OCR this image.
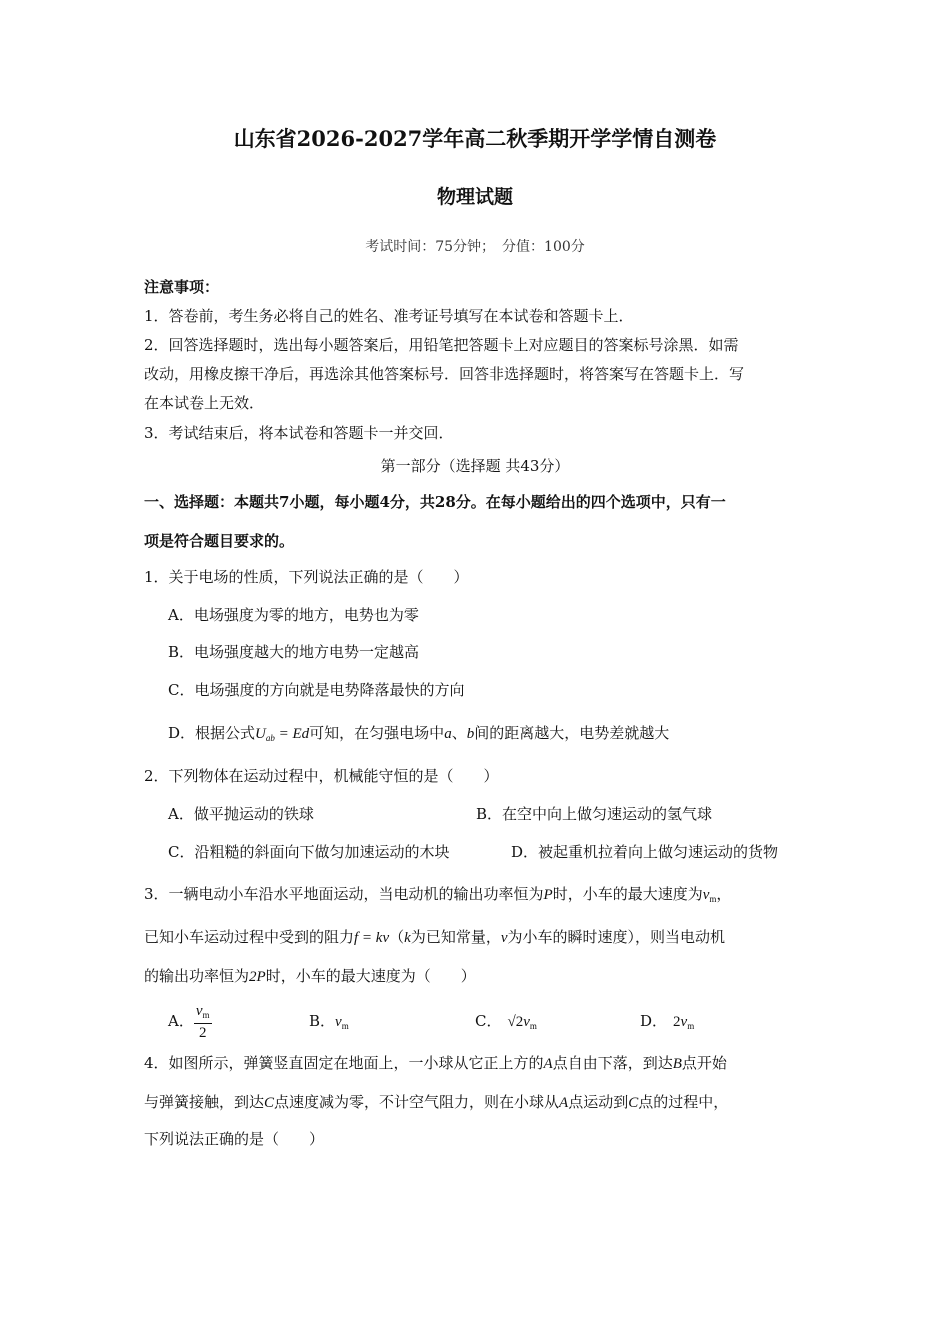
山东省2026-2027学年高二秋季期开学学情自测卷
物理试题
考试时间：75分钟；　分值：100分
注意事项：
1．答卷前，考生务必将自己的姓名、准考证号填写在本试卷和答题卡上．
2．回答选择题时，选出每小题答案后，用铅笔把答题卡上对应题目的答案标号涂黑．如需
改动，用橡皮擦干净后，再选涂其他答案标号．回答非选择题时，将答案写在答题卡上．写
在本试卷上无效．
3．考试结束后，将本试卷和答题卡一并交回．
第一部分（选择题 共43分）
一、选择题：本题共7小题，每小题4分，共28分。在每小题给出的四个选项中，只有一
项是符合题目要求的。
1．关于电场的性质，下列说法正确的是（　　）
A．电场强度为零的地方，电势也为零
B．电场强度越大的地方电势一定越高
C．电场强度的方向就是电势降落最快的方向
D．根据公式$U_{ab} = Ed$可知，在匀强电场中a、b间的距离越大，电势差就越大
2．下列物体在运动过程中，机械能守恒的是（　　）
A．做平抛运动的铁球	B．在空中向上做匀速运动的氢气球
C．沿粗糙的斜面向下做匀加速运动的木块	D．被起重机拉着向上做匀速运动的货物
3．一辆电动小车沿水平地面运动，当电动机的输出功率恒为P时，小车的最大速度为$v_m$，
已知小车运动过程中受到的阻力f = kv（k为已知常量，v为小车的瞬时速度），则当电动机
的输出功率恒为2P时，小车的最大速度为（　　）
A． $\frac{v_m}{2}$	B．$v_m$	C． $√2v_m$	D． $2v_m$
4．如图所示，弹簧竖直固定在地面上，一小球从它正上方的A点自由下落，到达B点开始
与弹簧接触，到达C点速度减为零，不计空气阻力，则在小球从A点运动到C点的过程中，
下列说法正确的是（　　）
